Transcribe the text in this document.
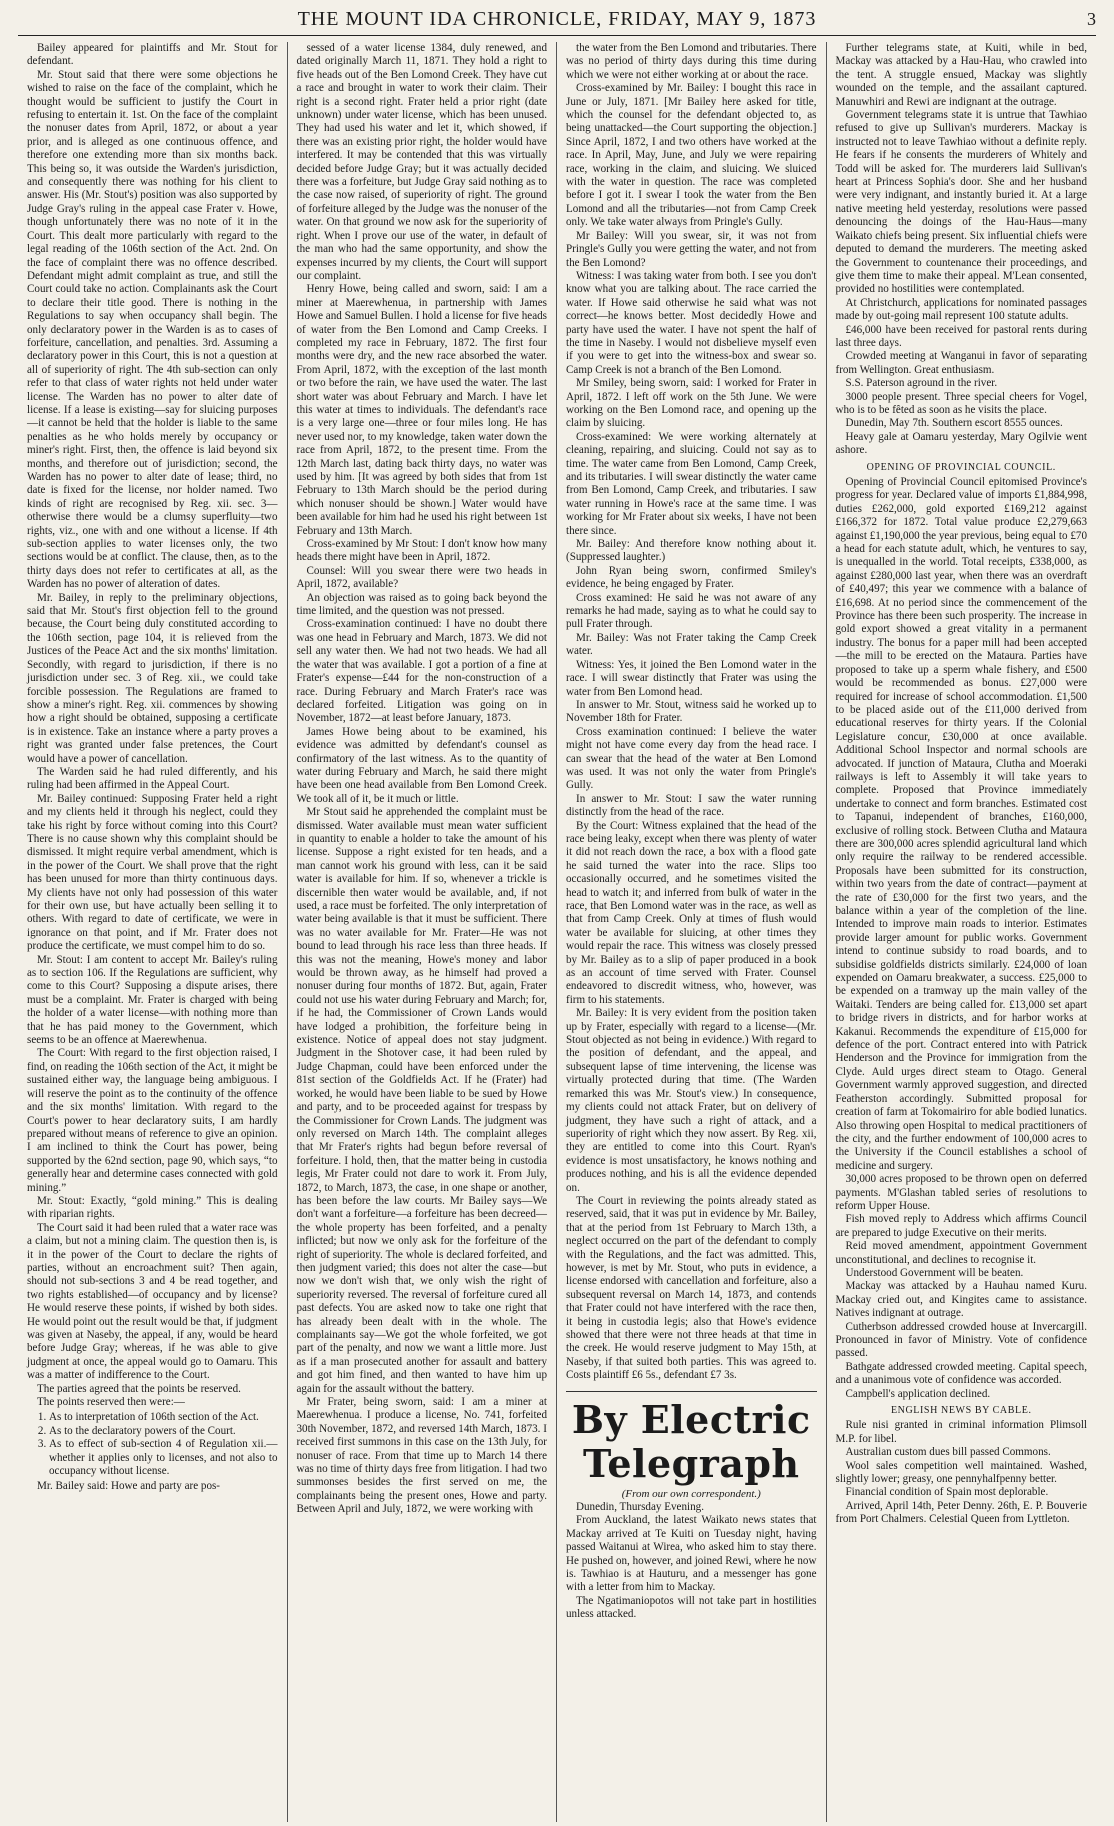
THE MOUNT IDA CHRONICLE, FRIDAY, MAY 9, 1873	3

Bailey appeared for plaintiffs and Mr. Stout for defendant.

Mr. Stout said that there were some objections he wished to raise on the face of the complaint, which he thought would be sufficient to justify the Court in refusing to entertain it. 1st. On the face of the complaint the nonuser dates from April, 1872, or about a year prior, and is alleged as one continuous offence, and therefore one extending more than six months back. This being so, it was outside the Warden's jurisdiction, and consequently there was nothing for his client to answer. His (Mr. Stout's) position was also supported by Judge Gray's ruling in the appeal case Frater v. Howe, though unfortunately there was no note of it in the Court. This dealt more particularly with regard to the legal reading of the 106th section of the Act. 2nd. On the face of complaint there was no offence described. Defendant might admit complaint as true, and still the Court could take no action. Complainants ask the Court to declare their title good. There is nothing in the Regulations to say when occupancy shall begin. The only declaratory power in the Warden is as to cases of forfeiture, cancellation, and penalties. 3rd. Assuming a declaratory power in this Court, this is not a question at all of superiority of right. The 4th sub-section can only refer to that class of water rights not held under water license. The Warden has no power to alter date of license. If a lease is existing—say for sluicing purposes—it cannot be held that the holder is liable to the same penalties as he who holds merely by occupancy or miner's right. First, then, the offence is laid beyond six months, and therefore out of jurisdiction; second, the Warden has no power to alter date of lease; third, no date is fixed for the license, nor holder named. Two kinds of right are recognised by Reg. xii. sec. 3—otherwise there would be a clumsy superfluity—two rights, viz., one with and one without a license. If 4th sub-section applies to water licenses only, the two sections would be at conflict. The clause, then, as to the thirty days does not refer to certificates at all, as the Warden has no power of alteration of dates.

Mr. Bailey, in reply to the preliminary objections, said that Mr. Stout's first objection fell to the ground because, the Court being duly constituted according to the 106th section, page 104, it is relieved from the Justices of the Peace Act and the six months' limitation. Secondly, with regard to jurisdiction, if there is no jurisdiction under sec. 3 of Reg. xii., we could take forcible possession. The Regulations are framed to show a miner's right. Reg. xii. commences by showing how a right should be obtained, supposing a certificate is in existence. Take an instance where a party proves a right was granted under false pretences, the Court would have a power of cancellation.

The Warden said he had ruled differently, and his ruling had been affirmed in the Appeal Court.

Mr. Bailey continued: Supposing Frater held a right and my clients held it through his neglect, could they take his right by force without coming into this Court? There is no cause shown why this complaint should be dismissed. It might require verbal amendment, which is in the power of the Court. We shall prove that the right has been unused for more than thirty continuous days. My clients have not only had possession of this water for their own use, but have actually been selling it to others. With regard to date of certificate, we were in ignorance on that point, and if Mr. Frater does not produce the certificate, we must compel him to do so.

Mr. Stout: I am content to accept Mr. Bailey's ruling as to section 106. If the Regulations are sufficient, why come to this Court? Supposing a dispute arises, there must be a complaint. Mr. Frater is charged with being the holder of a water license—with nothing more than that he has paid money to the Government, which seems to be an offence at Maerewhenua.

The Court: With regard to the first objection raised, I find, on reading the 106th section of the Act, it might be sustained either way, the language being ambiguous. I will reserve the point as to the continuity of the offence and the six months' limitation. With regard to the Court's power to hear declaratory suits, I am hardly prepared without means of reference to give an opinion. I am inclined to think the Court has power, being supported by the 62nd section, page 90, which says, “to generally hear and determine cases connected with gold mining.”

Mr. Stout: Exactly, “gold mining.” This is dealing with riparian rights.

The Court said it had been ruled that a water race was a claim, but not a mining claim. The question then is, is it in the power of the Court to declare the rights of parties, without an encroachment suit? Then again, should not sub-sections 3 and 4 be read together, and two rights established—of occupancy and by license? He would reserve these points, if wished by both sides. He would point out the result would be that, if judgment was given at Naseby, the appeal, if any, would be heard before Judge Gray; whereas, if he was able to give judgment at once, the appeal would go to Oamaru. This was a matter of indifference to the Court.

The parties agreed that the points be reserved.

The points reserved then were:—

1. As to interpretation of 106th section of the Act.
2. As to the declaratory powers of the Court.
3. As to effect of sub-section 4 of Regulation xii.—whether it applies only to licenses, and not also to occupancy without license.

Mr. Bailey said: Howe and party are pos-

sessed of a water license 1384, duly renewed, and dated originally March 11, 1871. They hold a right to five heads out of the Ben Lomond Creek. They have cut a race and brought in water to work their claim. Their right is a second right. Frater held a prior right (date unknown) under water license, which has been unused. They had used his water and let it, which showed, if there was an existing prior right, the holder would have interfered. It may be contended that this was virtually decided before Judge Gray; but it was actually decided there was a forfeiture, but Judge Gray said nothing as to the case now raised, of superiority of right. The ground of forfeiture alleged by the Judge was the nonuser of the water. On that ground we now ask for the superiority of right. When I prove our use of the water, in default of the man who had the same opportunity, and show the expenses incurred by my clients, the Court will support our complaint.

Henry Howe, being called and sworn, said: I am a miner at Maerewhenua, in partnership with James Howe and Samuel Bullen. I hold a license for five heads of water from the Ben Lomond and Camp Creeks. I completed my race in February, 1872. The first four months were dry, and the new race absorbed the water. From April, 1872, with the exception of the last month or two before the rain, we have used the water. The last short water was about February and March. I have let this water at times to individuals. The defendant's race is a very large one—three or four miles long. He has never used nor, to my knowledge, taken water down the race from April, 1872, to the present time. From the 12th March last, dating back thirty days, no water was used by him. [It was agreed by both sides that from 1st February to 13th March should be the period during which nonuser should be shown.] Water would have been available for him had he used his right between 1st February and 13th March.

Cross-examined by Mr Stout: I don't know how many heads there might have been in April, 1872.

Counsel: Will you swear there were two heads in April, 1872, available?

An objection was raised as to going back beyond the time limited, and the question was not pressed.

Cross-examination continued: I have no doubt there was one head in February and March, 1873. We did not sell any water then. We had not two heads. We had all the water that was available. I got a portion of a fine at Frater's expense—£44 for the non-construction of a race. During February and March Frater's race was declared forfeited. Litigation was going on in November, 1872—at least before January, 1873.

James Howe being about to be examined, his evidence was admitted by defendant's counsel as confirmatory of the last witness. As to the quantity of water during February and March, he said there might have been one head available from Ben Lomond Creek. We took all of it, be it much or little.

Mr Stout said he apprehended the complaint must be dismissed. Water available must mean water sufficient in quantity to enable a holder to take the amount of his license. Suppose a right existed for ten heads, and a man cannot work his ground with less, can it be said water is available for him. If so, whenever a trickle is discernible then water would be available, and, if not used, a race must be forfeited. The only interpretation of water being available is that it must be sufficient. There was no water available for Mr. Frater—He was not bound to lead through his race less than three heads. If this was not the meaning, Howe's money and labor would be thrown away, as he himself had proved a nonuser during four months of 1872. But, again, Frater could not use his water during February and March; for, if he had, the Commissioner of Crown Lands would have lodged a prohibition, the forfeiture being in existence. Notice of appeal does not stay judgment. Judgment in the Shotover case, it had been ruled by Judge Chapman, could have been enforced under the 81st section of the Goldfields Act. If he (Frater) had worked, he would have been liable to be sued by Howe and party, and to be proceeded against for trespass by the Commissioner for Crown Lands. The judgment was only reversed on March 14th. The complaint alleges that Mr Frater's rights had begun before reversal of forfeiture. I hold, then, that the matter being in custodia legis, Mr Frater could not dare to work it. From July, 1872, to March, 1873, the case, in one shape or another, has been before the law courts. Mr Bailey says—We don't want a forfeiture—a forfeiture has been decreed—the whole property has been forfeited, and a penalty inflicted; but now we only ask for the forfeiture of the right of superiority. The whole is declared forfeited, and then judgment varied; this does not alter the case—but now we don't wish that, we only wish the right of superiority reversed. The reversal of forfeiture cured all past defects. You are asked now to take one right that has already been dealt with in the whole. The complainants say—We got the whole forfeited, we got part of the penalty, and now we want a little more. Just as if a man prosecuted another for assault and battery and got him fined, and then wanted to have him up again for the assault without the battery.

Mr Frater, being sworn, said: I am a miner at Maerewhenua. I produce a license, No. 741, forfeited 30th November, 1872, and reversed 14th March, 1873. I received first summons in this case on the 13th July, for nonuser of race. From that time up to March 14 there was no time of thirty days free from litigation. I had two summonses besides the first served on me, the complainants being the present ones, Howe and party. Between April and July, 1872, we were working with

the water from the Ben Lomond and tributaries. There was no period of thirty days during this time during which we were not either working at or about the race.

Cross-examined by Mr. Bailey: I bought this race in June or July, 1871. [Mr Bailey here asked for title, which the counsel for the defendant objected to, as being unattacked—the Court supporting the objection.] Since April, 1872, I and two others have worked at the race. In April, May, June, and July we were repairing race, working in the claim, and sluicing. We sluiced with the water in question. The race was completed before I got it. I swear I took the water from the Ben Lomond and all the tributaries—not from Camp Creek only. We take water always from Pringle's Gully.

Mr Bailey: Will you swear, sir, it was not from Pringle's Gully you were getting the water, and not from the Ben Lomond?

Witness: I was taking water from both. I see you don't know what you are talking about. The race carried the water. If Howe said otherwise he said what was not correct—he knows better. Most decidedly Howe and party have used the water. I have not spent the half of the time in Naseby. I would not disbelieve myself even if you were to get into the witness-box and swear so. Camp Creek is not a branch of the Ben Lomond.

Mr Smiley, being sworn, said: I worked for Frater in April, 1872. I left off work on the 5th June. We were working on the Ben Lomond race, and opening up the claim by sluicing.

Cross-examined: We were working alternately at cleaning, repairing, and sluicing. Could not say as to time. The water came from Ben Lomond, Camp Creek, and its tributaries. I will swear distinctly the water came from Ben Lomond, Camp Creek, and tributaries. I saw water running in Howe's race at the same time. I was working for Mr Frater about six weeks, I have not been there since.

Mr. Bailey: And therefore know nothing about it. (Suppressed laughter.)

John Ryan being sworn, confirmed Smiley's evidence, he being engaged by Frater.

Cross examined: He said he was not aware of any remarks he had made, saying as to what he could say to pull Frater through.

Mr. Bailey: Was not Frater taking the Camp Creek water.

Witness: Yes, it joined the Ben Lomond water in the race. I will swear distinctly that Frater was using the water from Ben Lomond head.

In answer to Mr. Stout, witness said he worked up to November 18th for Frater.

Cross examination continued: I believe the water might not have come every day from the head race. I can swear that the head of the water at Ben Lomond was used. It was not only the water from Pringle's Gully.

In answer to Mr. Stout: I saw the water running distinctly from the head of the race.

By the Court: Witness explained that the head of the race being leaky, except when there was plenty of water it did not reach down the race, a box with a flood gate he said turned the water into the race. Slips too occasionally occurred, and he sometimes visited the head to watch it; and inferred from bulk of water in the race, that Ben Lomond water was in the race, as well as that from Camp Creek. Only at times of flush would water be available for sluicing, at other times they would repair the race. This witness was closely pressed by Mr. Bailey as to a slip of paper produced in a book as an account of time served with Frater. Counsel endeavored to discredit witness, who, however, was firm to his statements.

Mr. Bailey: It is very evident from the position taken up by Frater, especially with regard to a license—(Mr. Stout objected as not being in evidence.) With regard to the position of defendant, and the appeal, and subsequent lapse of time intervening, the license was virtually protected during that time. (The Warden remarked this was Mr. Stout's view.) In consequence, my clients could not attack Frater, but on delivery of judgment, they have such a right of attack, and a superiority of right which they now assert. By Reg. xii, they are entitled to come into this Court. Ryan's evidence is most unsatisfactory, he knows nothing and produces nothing, and his is all the evidence depended on.

The Court in reviewing the points already stated as reserved, said, that it was put in evidence by Mr. Bailey, that at the period from 1st February to March 13th, a neglect occurred on the part of the defendant to comply with the Regulations, and the fact was admitted. This, however, is met by Mr. Stout, who puts in evidence, a license endorsed with cancellation and forfeiture, also a subsequent reversal on March 14, 1873, and contends that Frater could not have interfered with the race then, it being in custodia legis; also that Howe's evidence showed that there were not three heads at that time in the creek. He would reserve judgment to May 15th, at Naseby, if that suited both parties. This was agreed to. Costs plaintiff £6 5s., defendant £7 3s.

By Electric Telegraph
(From our own correspondent.)

Dunedin, Thursday Evening.

From Auckland, the latest Waikato news states that Mackay arrived at Te Kuiti on Tuesday night, having passed Waitanui at Wirea, who asked him to stay there. He pushed on, however, and joined Rewi, where he now is. Tawhiao is at Hauturu, and a messenger has gone with a letter from him to Mackay.

The Ngatimaniopotos will not take part in hostilities unless attacked.

Further telegrams state, at Kuiti, while in bed, Mackay was attacked by a Hau-Hau, who crawled into the tent. A struggle ensued, Mackay was slightly wounded on the temple, and the assailant captured. Manuwhiri and Rewi are indignant at the outrage.

Government telegrams state it is untrue that Tawhiao refused to give up Sullivan's murderers. Mackay is instructed not to leave Tawhiao without a definite reply. He fears if he consents the murderers of Whitely and Todd will be asked for. The murderers laid Sullivan's heart at Princess Sophia's door. She and her husband were very indignant, and instantly buried it. At a large native meeting held yesterday, resolutions were passed denouncing the doings of the Hau-Haus—many Waikato chiefs being present. Six influential chiefs were deputed to demand the murderers. The meeting asked the Government to countenance their proceedings, and give them time to make their appeal. M'Lean consented, provided no hostilities were contemplated.

At Christchurch, applications for nominated passages made by out-going mail represent 100 statute adults.

£46,000 have been received for pastoral rents during last three days.

Crowded meeting at Wanganui in favor of separating from Wellington. Great enthusiasm.

S.S. Paterson aground in the river.

3000 people present. Three special cheers for Vogel, who is to be fêted as soon as he visits the place.

Dunedin, May 7th. Southern escort 8555 ounces.

Heavy gale at Oamaru yesterday, Mary Ogilvie went ashore.

OPENING OF PROVINCIAL COUNCIL.

Opening of Provincial Council epitomised Province's progress for year. Declared value of imports £1,884,998, duties £262,000, gold exported £169,212 against £166,372 for 1872. Total value produce £2,279,663 against £1,190,000 the year previous, being equal to £70 a head for each statute adult, which, he ventures to say, is unequalled in the world. Total receipts, £338,000, as against £280,000 last year, when there was an overdraft of £40,497; this year we commence with a balance of £16,698. At no period since the commencement of the Province has there been such prosperity. The increase in gold export showed a great vitality in a permanent industry. The bonus for a paper mill had been accepted—the mill to be erected on the Mataura. Parties have proposed to take up a sperm whale fishery, and £500 would be recommended as bonus. £27,000 were required for increase of school accommodation. £1,500 to be placed aside out of the £11,000 derived from educational reserves for thirty years. If the Colonial Legislature concur, £30,000 at once available. Additional School Inspector and normal schools are advocated. If junction of Mataura, Clutha and Moeraki railways is left to Assembly it will take years to complete. Proposed that Province immediately undertake to connect and form branches. Estimated cost to Tapanui, independent of branches, £160,000, exclusive of rolling stock. Between Clutha and Mataura there are 300,000 acres splendid agricultural land which only require the railway to be rendered accessible. Proposals have been submitted for its construction, within two years from the date of contract—payment at the rate of £30,000 for the first two years, and the balance within a year of the completion of the line. Intended to improve main roads to interior. Estimates provide larger amount for public works. Government intend to continue subsidy to road boards, and to subsidise goldfields districts similarly. £24,000 of loan expended on Oamaru breakwater, a success. £25,000 to be expended on a tramway up the main valley of the Waitaki. Tenders are being called for. £13,000 set apart to bridge rivers in districts, and for harbor works at Kakanui. Recommends the expenditure of £15,000 for defence of the port. Contract entered into with Patrick Henderson and the Province for immigration from the Clyde. Auld urges direct steam to Otago. General Government warmly approved suggestion, and directed Featherston accordingly. Submitted proposal for creation of farm at Tokomairiro for able bodied lunatics. Also throwing open Hospital to medical practitioners of the city, and the further endowment of 100,000 acres to the University if the Council establishes a school of medicine and surgery.

30,000 acres proposed to be thrown open on deferred payments. M'Glashan tabled series of resolutions to reform Upper House.

Fish moved reply to Address which affirms Council are prepared to judge Executive on their merits.

Reid moved amendment, appointment Government unconstitutional, and declines to recognise it.

Understood Government will be beaten.

Mackay was attacked by a Hauhau named Kuru. Mackay cried out, and Kingites came to assistance. Natives indignant at outrage.

Cutherbson addressed crowded house at Invercargill. Pronounced in favor of Ministry. Vote of confidence passed.

Bathgate addressed crowded meeting. Capital speech, and a unanimous vote of confidence was accorded.

Campbell's application declined.

ENGLISH NEWS BY CABLE.

Rule nisi granted in criminal information Plimsoll M.P. for libel.

Australian custom dues bill passed Commons.

Wool sales competition well maintained. Washed, slightly lower; greasy, one pennyhalfpenny better.

Financial condition of Spain most deplorable.

Arrived, April 14th, Peter Denny. 26th, E. P. Bouverie from Port Chalmers. Celestial Queen from Lyttleton.
